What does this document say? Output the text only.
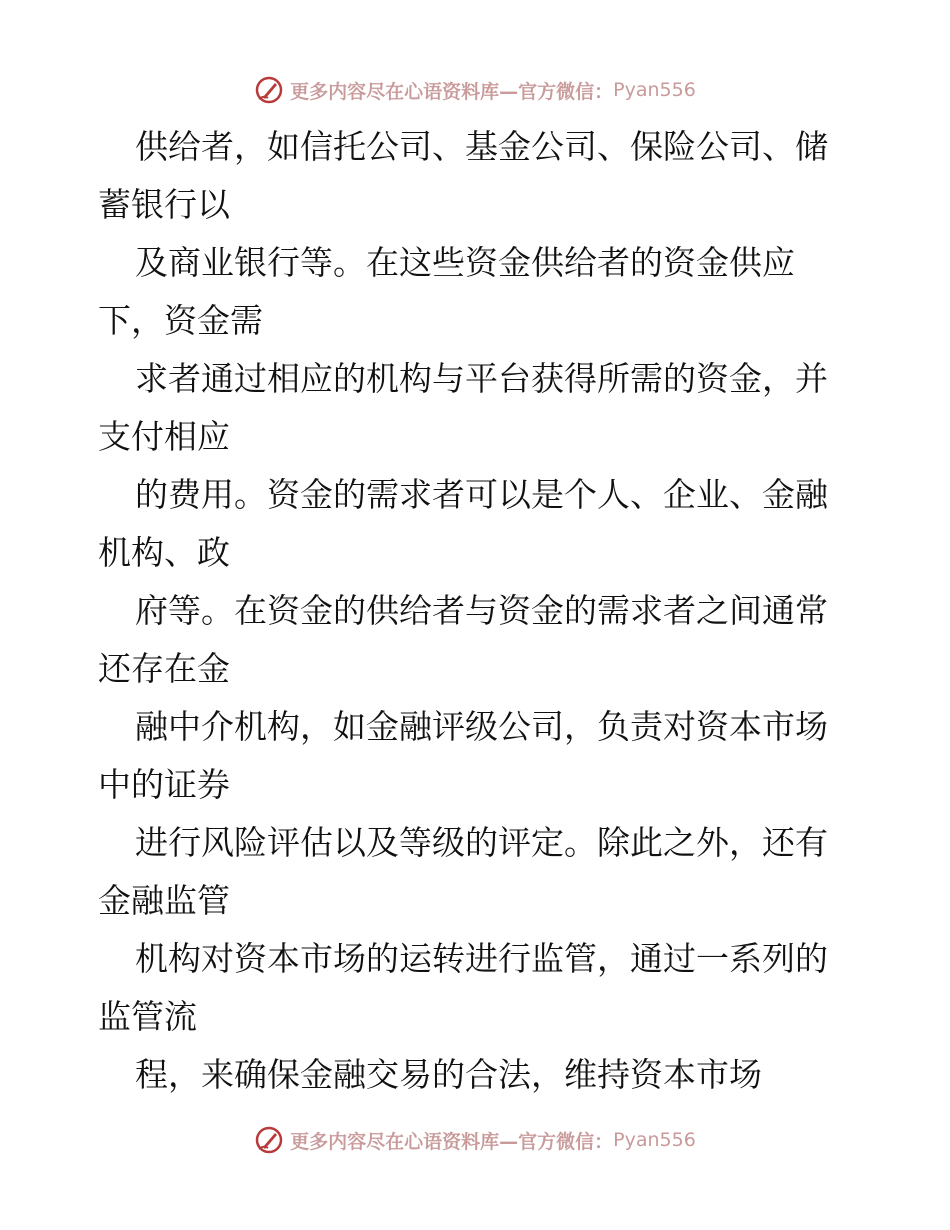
更多内容尽在心语资料库—官方微信： Pyan556

供给者，如信托公司、基金公司、保险公司、储
蓄银行以

及商业银行等。在这些资金供给者的资金供应
下，资金需

求者通过相应的机构与平台获得所需的资金，并
支付相应

的费用。资金的需求者可以是个人、企业、金融
机构、政

府等。在资金的供给者与资金的需求者之间通常
还存在金

融中介机构，如金融评级公司，负责对资本市场
中的证券

进行风险评估以及等级的评定。除此之外，还有
金融监管

机构对资本市场的运转进行监管，通过一系列的
监管流

程，来确保金融交易的合法，维持资本市场

更多内容尽在心语资料库—官方微信： Pyan556
